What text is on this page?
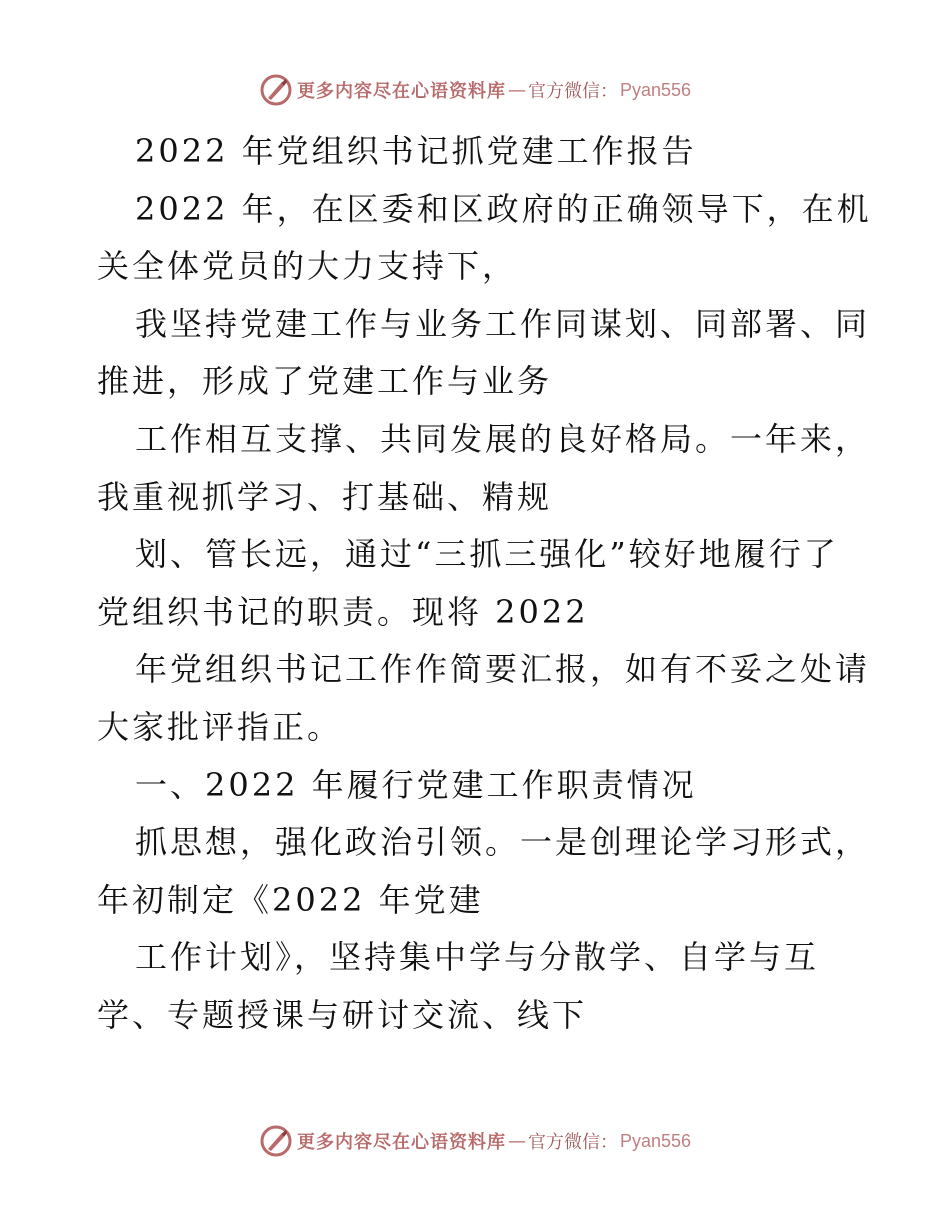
更多内容尽在心语资料库 — 官方微信： Pyan556
2022 年党组织书记抓党建工作报告
2022 年，在区委和区政府的正确领导下，在机
关全体党员的大力支持下，
我坚持党建工作与业务工作同谋划、同部署、同
推进，形成了党建工作与业务
工作相互支撑、共同发展的良好格局。一年来，
我重视抓学习、打基础、精规
划、管长远，通过“三抓三强化”较好地履行了
党组织书记的职责。现将 2022
年党组织书记工作作简要汇报，如有不妥之处请
大家批评指正。
一、2022 年履行党建工作职责情况
抓思想，强化政治引领。一是创理论学习形式，
年初制定《2022 年党建
工作计划》，坚持集中学与分散学、自学与互
学、专题授课与研讨交流、线下
更多内容尽在心语资料库 — 官方微信： Pyan556
